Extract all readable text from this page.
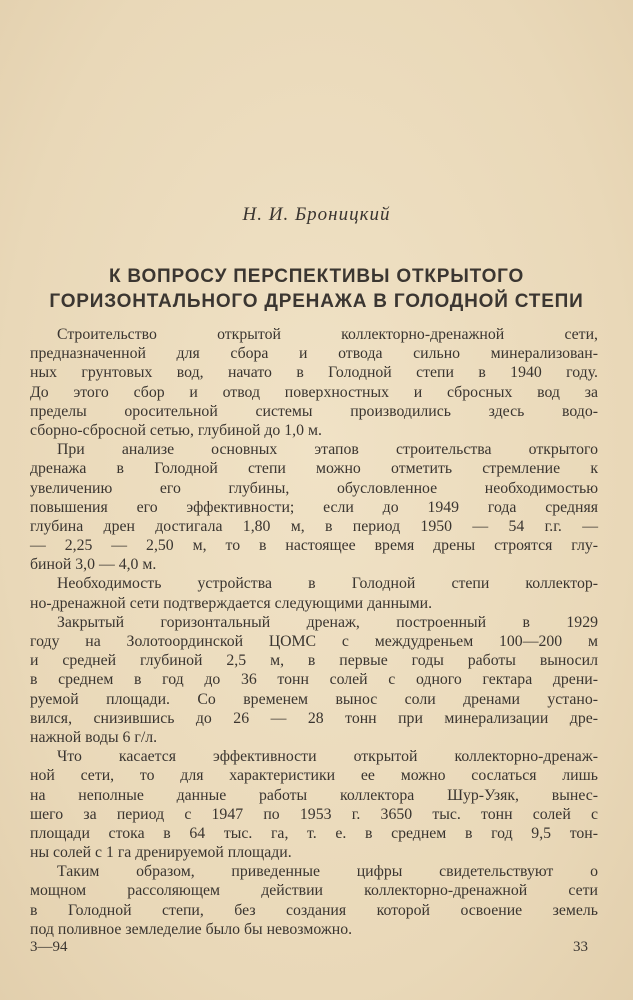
Н. И. Броницкий
К ВОПРОСУ ПЕРСПЕКТИВЫ ОТКРЫТОГО
ГОРИЗОНТАЛЬНОГО ДРЕНАЖА В ГОЛОДНОЙ СТЕПИ
Строительство открытой коллекторно-дренажной сети,
предназначенной для сбора и отвода сильно минерализован-
ных грунтовых вод, начато в Голодной степи в 1940 году.
До этого сбор и отвод поверхностных и сбросных вод за
пределы оросительной системы производились здесь водо-
сборно-сбросной сетью, глубиной до 1,0 м.
При анализе основных этапов строительства открытого
дренажа в Голодной степи можно отметить стремление к
увеличению его глубины, обусловленное необходимостью
повышения его эффективности; если до 1949 года средняя
глубина дрен достигала 1,80 м, в период 1950 — 54 г.г. —
— 2,25 — 2,50 м, то в настоящее время дрены строятся глу-
биной 3,0 — 4,0 м.
Необходимость устройства в Голодной степи коллектор-
но-дренажной сети подтверждается следующими данными.
Закрытый горизонтальный дренаж, построенный в 1929
году на Золотоординской ЦОМС с междудреньем 100—200 м
и средней глубиной 2,5 м, в первые годы работы выносил
в среднем в год до 36 тонн солей с одного гектара дрени-
руемой площади. Со временем вынос соли дренами устано-
вился, снизившись до 26 — 28 тонн при минерализации дре-
нажной воды 6 г/л.
Что касается эффективности открытой коллекторно-дренаж-
ной сети, то для характеристики ее можно сослаться лишь
на неполные данные работы коллектора Шур-Узяк, вынес-
шего за период с 1947 по 1953 г. 3650 тыс. тонн солей с
площади стока в 64 тыс. га, т. е. в среднем в год 9,5 тон-
ны солей с 1 га дренируемой площади.
Таким образом, приведенные цифры свидетельствуют о
мощном рассоляющем действии коллекторно-дренажной сети
в Голодной степи, без создания которой освоение земель
под поливное земледелие было бы невозможно.
3—94	33
